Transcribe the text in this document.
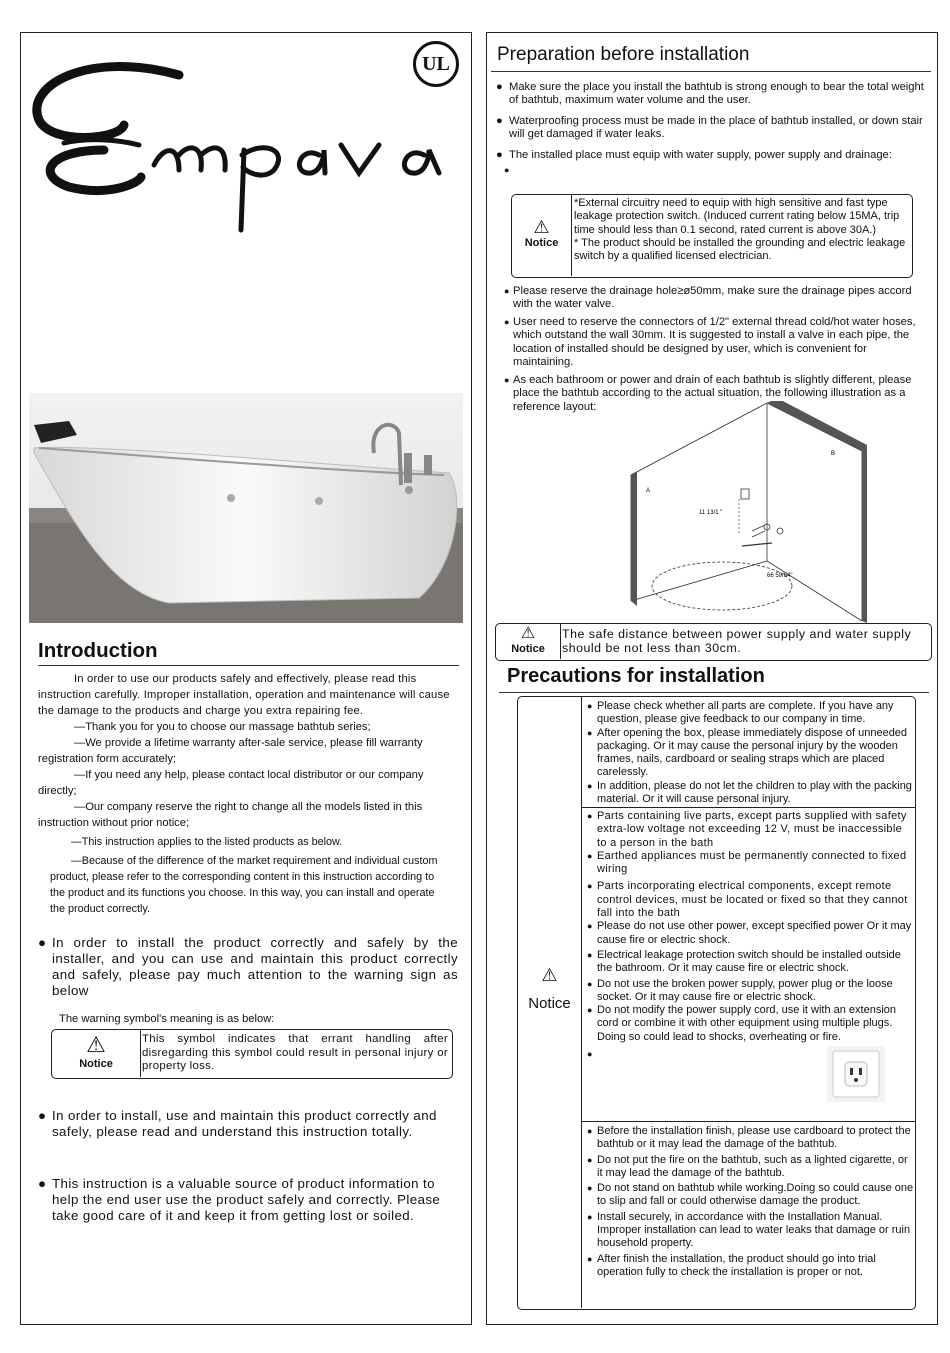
UL
Introduction
In order to use our products safely and effectively, please read this instruction carefully. Improper installation, operation and maintenance will cause the damage to the products and charge you extra repairing fee.
—Thank you for you to choose our massage bathtub series;
—We provide a lifetime warranty after-sale service, please fill warranty registration form accurately;
—If you need any help, please contact local distributor or our company directly;
—Our company reserve the right to change all the models listed in this instruction without prior notice;
—This instruction applies to the listed products as below.
—Because of the difference of the market requirement and individual custom product, please refer to the corresponding content in this instruction according to the product and its functions you choose. In this way, you can install and operate the product correctly.
● In order to install the product correctly and safely by the installer, and you can use and maintain this product correctly and safely, please pay much attention to the warning sign as below
The warning symbol's meaning is as below:
⚠
Notice
This symbol indicates that errant handling after disregarding this symbol could result in personal injury or property loss.
● In order to install, use and maintain this product correctly and safely, please read and understand this instruction totally.
● This instruction is a valuable source of product information to help the end user use the product safely and correctly. Please take good care of it and keep it from getting lost or soiled.
Preparation before installation
● Make sure the place you install the bathtub is strong enough to bear the total weight of bathtub, maximum water volume and the user.
● Waterproofing process must be made in the place of bathtub installed, or down stair will get damaged if water leaks.
● The installed place must equip with water supply, power supply and drainage:
●
⚠
Notice
*External circuitry need to equip with high sensitive and fast type leakage protection switch. (Induced current rating below 15MA, trip time should less than 0.1 second, rated current is above 30A.)
* The product should be installed the grounding and electric leakage switch by a qualified licensed electrician.
● Please reserve the drainage hole≥ø50mm, make sure the drainage pipes accord with the water valve.
● User need to reserve the connectors of 1/2" external thread cold/hot water hoses, which outstand the wall 30mm. It is suggested to install a valve in each pipe, the location of installed should be designed by user, which is convenient for maintaining.
● As each bathroom or power and drain of each bathtub is slightly different, please place the bathtub according to the actual situation, the following illustration as a reference layout:
A
B
11 13/1 "
66 59/64"
⚠
Notice
The safe distance between power supply and water supply should be not less than 30cm.
Precautions for installation
⚠
Notice
● Please check whether all parts are complete. If you have any question, please give feedback to our company in time.
● After opening the box, please immediately dispose of unneeded packaging. Or it may cause the personal injury by the wooden frames, nails, cardboard or sealing straps which are placed carelessly.
● In addition, please do not let the children to play with the packing material. Or it will cause personal injury.
● Parts containing live parts, except parts supplied with safety extra-low voltage not exceeding 12 V, must be inaccessible to a person in the bath
● Earthed appliances must be permanently connected to fixed wiring
● Parts incorporating electrical components, except remote control devices, must be located or fixed so that they cannot fall into the bath
● Please do not use other power, except specified power Or it may cause fire or electric shock.
● Electrical leakage protection switch should be installed outside the bathroom. Or it may cause fire or electric shock.
● Do not use the broken power supply, power plug or the loose socket. Or it may cause fire or electric shock.
● Do not modify the power supply cord, use it with an extension cord or combine it with other equipment using multiple plugs.
Doing so could lead to shocks, overheating or fire.
●
● Before the installation finish, please use cardboard to protect the bathtub or it may lead the damage of the bathtub.
● Do not put the fire on the bathtub, such as a lighted cigarette, or it may lead the damage of the bathtub.
● Do not stand on bathtub while working.Doing so could cause one to slip and fall or could otherwise damage the product.
● Install securely, in accordance with the Installation Manual. Improper installation can lead to water leaks that damage or ruin household property.
● After finish the installation, the product should go into trial operation fully to check the installation is proper or not.
